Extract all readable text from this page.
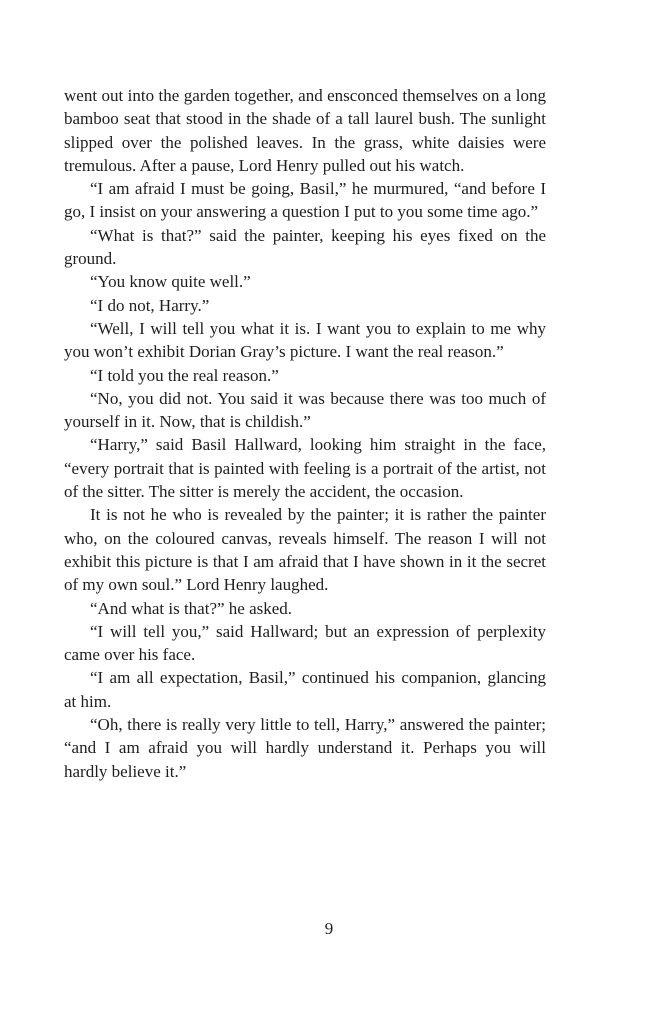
went out into the garden together, and ensconced themselves on a long bamboo seat that stood in the shade of a tall laurel bush. The sunlight slipped over the polished leaves. In the grass, white daisies were tremulous. After a pause, Lord Henry pulled out his watch.

“I am afraid I must be going, Basil,” he murmured, “and before I go, I insist on your answering a question I put to you some time ago.”

“What is that?” said the painter, keeping his eyes fixed on the ground.

“You know quite well.”

“I do not, Harry.”

“Well, I will tell you what it is. I want you to explain to me why you won’t exhibit Dorian Gray’s picture. I want the real reason.”

“I told you the real reason.”

“No, you did not. You said it was because there was too much of yourself in it. Now, that is childish.”

“Harry,” said Basil Hallward, looking him straight in the face, “every portrait that is painted with feeling is a portrait of the artist, not of the sitter. The sitter is merely the accident, the occasion.

It is not he who is revealed by the painter; it is rather the painter who, on the coloured canvas, reveals himself. The reason I will not exhibit this picture is that I am afraid that I have shown in it the secret of my own soul.” Lord Henry laughed.

“And what is that?” he asked.

“I will tell you,” said Hallward; but an expression of perplexity came over his face.

“I am all expectation, Basil,” continued his companion, glancing at him.

“Oh, there is really very little to tell, Harry,” answered the painter; “and I am afraid you will hardly understand it. Perhaps you will hardly believe it.”

9
